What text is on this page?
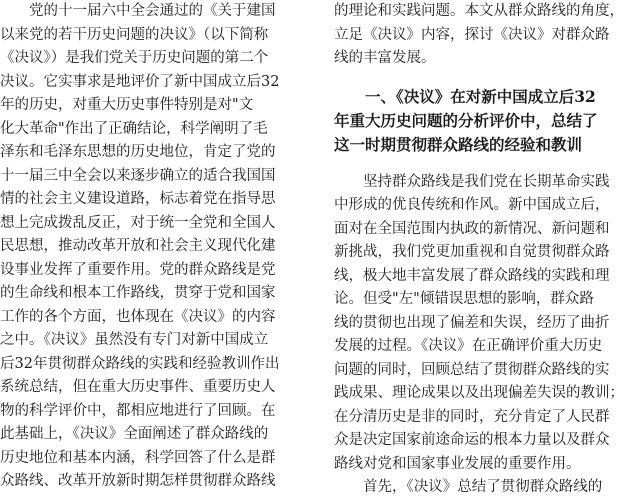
　　党的十一届六中全会通过的《关于建国
以来党的若干历史问题的决议》（以下简称
《决议》）是我们党关于历史问题的第二个
决议。它实事求是地评价了新中国成立后32
年的历史，对重大历史事件特别是对"文
化大革命"作出了正确结论，科学阐明了毛
泽东和毛泽东思想的历史地位，肯定了党的
十一届三中全会以来逐步确立的适合我国国
情的社会主义建设道路，标志着党在指导思
想上完成拨乱反正，对于统一全党和全国人
民思想，推动改革开放和社会主义现代化建
设事业发挥了重要作用。党的群众路线是党
的生命线和根本工作路线，贯穿于党和国家
工作的各个方面，也体现在《决议》的内容
之中。《决议》虽然没有专门对新中国成立
后32年贯彻群众路线的实践和经验教训作出
系统总结，但在重大历史事件、重要历史人
物的科学评价中，都相应地进行了回顾。在
此基础上，《决议》全面阐述了群众路线的
历史地位和基本内涵，科学回答了什么是群
众路线、改革开放新时期怎样贯彻群众路线
的理论和实践问题。本文从群众路线的角度，
立足《决议》内容，探讨《决议》对群众路
线的丰富发展。
　　一、《决议》在对新中国成立后32
年重大历史问题的分析评价中，总结了
这一时期贯彻群众路线的经验和教训
　　坚持群众路线是我们党在长期革命实践
中形成的优良传统和作风。新中国成立后，
面对在全国范围内执政的新情况、新问题和
新挑战，我们党更加重视和自觉贯彻群众路
线，极大地丰富发展了群众路线的实践和理
论。但受"左"倾错误思想的影响，群众路
线的贯彻也出现了偏差和失误，经历了曲折
发展的过程。《决议》在正确评价重大历史
问题的同时，回顾总结了贯彻群众路线的实
践成果、理论成果以及出现偏差失误的教训；
在分清历史是非的同时，充分肯定了人民群
众是决定国家前途命运的根本力量以及群众
路线对党和国家事业发展的重要作用。
　　首先，《决议》总结了贯彻群众路线的
